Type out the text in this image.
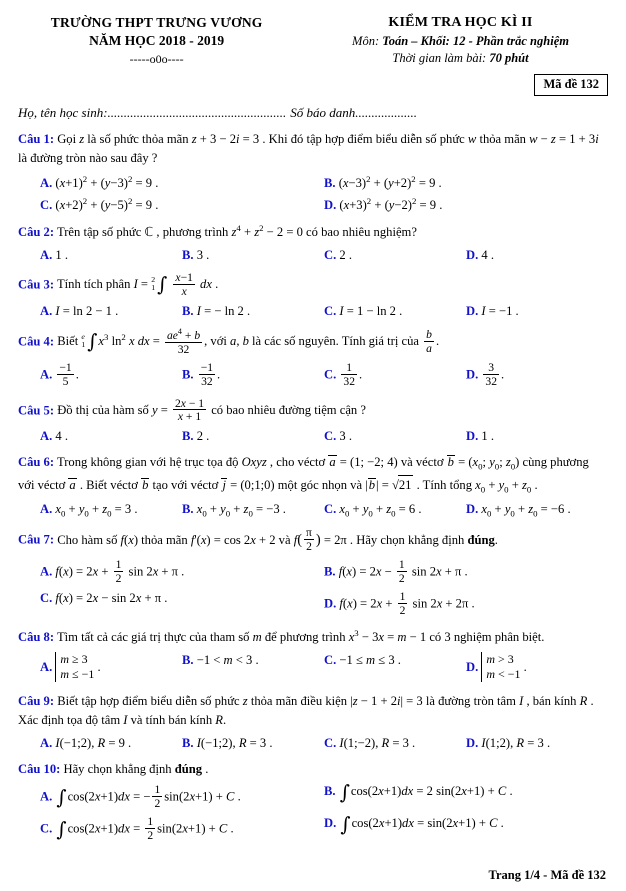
TRƯỜNG THPT TRƯNG VƯƠNG
NĂM HỌC 2018 - 2019
-----o0o----
KIỂM TRA HỌC KÌ II
Môn: Toán – Khối: 12 - Phần trắc nghiệm
Thời gian làm bài: 70 phút
Mã đề 132
Họ, tên học sinh:....................................................... Số báo danh...................
Câu 1: Gọi z là số phức thỏa mãn z + 3 − 2i = 3 . Khi đó tập hợp điểm biểu diễn số phức w thỏa mãn w − z = 1 + 3i là đường tròn nào sau đây ?
A. $(x+1)^2 + (y-3)^2 = 9$ .	B. $(x-3)^2 + (y+2)^2 = 9$ .
C. $(x+2)^2 + (y-5)^2 = 9$ .	D. $(x+3)^2 + (y-2)^2 = 9$ .
Câu 2: Trên tập số phức ℂ , phương trình $z^4 + z^2 - 2 = 0$ có bao nhiêu nghiệm?
A. 1 .	B. 3 .	C. 2 .	D. 4 .
Câu 3: Tính tích phân I = 2
1 ∫ $\frac{x-1}{x}$ dx .
A. I = ln 2 − 1 .	B. I = − ln 2 .	C. I = 1 − ln 2 .	D. I = −1 .
Câu 4: Biết e
1 $\int x^3$ $\ln^2 x$ dx = $\frac{ae^4 + b}{32}$ , với a, b là các số nguyên. Tính giá trị của $\frac{b}{a}$ .
A. $\frac{-1}{5}$ .	B. $\frac{-1}{32}$ .	C. $\frac{1}{32}$ .	D. $\frac{3}{32}$ .
Câu 5: Đồ thị của hàm số $y = \frac{2x - 1}{x + 1}$ có bao nhiêu đường tiệm cận ?
A. 4 .	B. 2 .	C. 3 .	D. 1 .
Câu 6: Trong không gian với hệ trục tọa độ Oxyz , cho véctơ a = (1; −2; 4) và véctơ $b = (x_0$; $y_0$; $z_0$) cùng phương với véctơ a . Biết véctơ b tạo với véctơ j = (0;1;0) một góc nhọn và |b| = √21 . Tính tổng $x_0 + y_0 + z_0$ .
A. $x_0 + y_0 + z_0 = 3$ .	B. $x_0 + y_0 + z_0 = -3$ .	C. $x_0 + y_0 + z_0 = 6$ .	D. $x_0 + y_0 + z_0 = -6$ .
Câu 7: Cho hàm số f(x) thỏa mãn f'(x) = cos 2x + 2 và $f( \frac{\pi}{2}$ ) = 2π . Hãy chọn khẳng định đúng.
A. $f(x) = 2x + \frac{1}{2}$ sin 2x + π .	B. $f(x) = 2x - \frac{1}{2}$ sin 2x + π .
C. f(x) = 2x − sin 2x + π .	D. $f(x) = 2x + \frac{1}{2}$ sin 2x + 2π .
Câu 8: Tìm tất cả các giá trị thực của tham số m để phương trình $x^3 - 3x = m - 1$ có 3 nghiệm phân biệt.
A.
m ≥ 3
m ≤ −1
.	B. −1 < m < 3 .	C. −1 ≤ m ≤ 3 .	D.
m > 3
m < −1
.
Câu 9: Biết tập hợp điểm biểu diễn số phức z thỏa mãn điều kiện |z − 1 + 2i| = 3 là đường tròn tâm I , bán kính R . Xác định tọa độ tâm I và tính bán kính R.
A. I(−1;2), R = 9 .	B. I(−1;2), R = 3 .	C. I(1;−2), R = 3 .	D. I(1;2), R = 3 .
Câu 10: Hãy chọn khẳng định đúng .
A. ∫cos(2x+1)dx = − $\frac{1}{2} \sin(2x+1) + C$ .	B. ∫cos(2x+1)dx = 2 sin(2x+1) + C .
C. $\int\cos(2x+1)dx = \frac{1}{2} \sin(2x+1) + C$ .	D. ∫cos(2x+1)dx = sin(2x+1) + C .
Trang 1/4 - Mã đề 132
